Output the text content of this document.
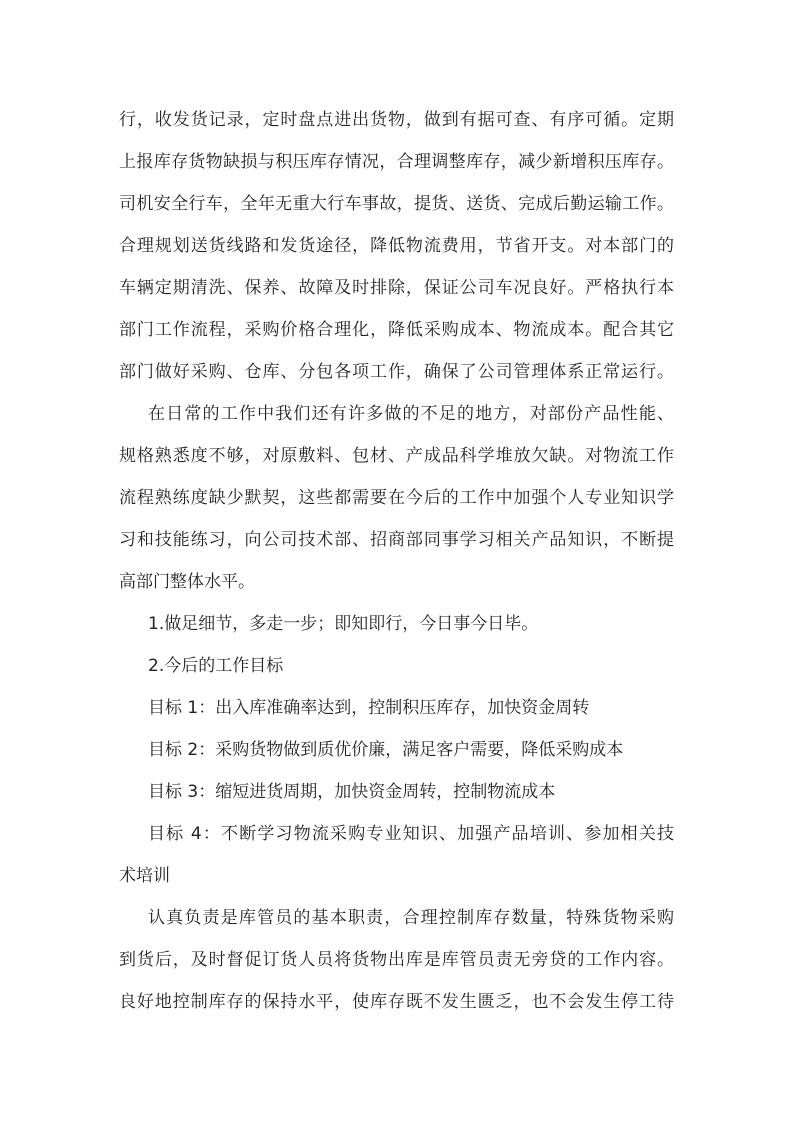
行，收发货记录，定时盘点进出货物，做到有据可查、有序可循。定期
上报库存货物缺损与积压库存情况，合理调整库存，减少新增积压库存。
司机安全行车，全年无重大行车事故，提货、送货、完成后勤运输工作。
合理规划送货线路和发货途径，降低物流费用，节省开支。对本部门的
车辆定期清洗、保养、故障及时排除，保证公司车况良好。严格执行本
部门工作流程，采购价格合理化，降低采购成本、物流成本。配合其它
部门做好采购、仓库、分包各项工作，确保了公司管理体系正常运行。
在日常的工作中我们还有许多做的不足的地方，对部份产品性能、
规格熟悉度不够，对原敷料、包材、产成品科学堆放欠缺。对物流工作
流程熟练度缺少默契，这些都需要在今后的工作中加强个人专业知识学
习和技能练习，向公司技术部、招商部同事学习相关产品知识，不断提
高部门整体水平。
1.做足细节，多走一步；即知即行，今日事今日毕。
2.今后的工作目标
目标 1：出入库准确率达到，控制积压库存，加快资金周转
目标 2：采购货物做到质优价廉，满足客户需要，降低采购成本
目标 3：缩短进货周期，加快资金周转，控制物流成本
目标 4：不断学习物流采购专业知识、加强产品培训、参加相关技
术培训
认真负责是库管员的基本职责，合理控制库存数量，特殊货物采购
到货后，及时督促订货人员将货物出库是库管员责无旁贷的工作内容。
良好地控制库存的保持水平，使库存既不发生匮乏，也不会发生停工待
